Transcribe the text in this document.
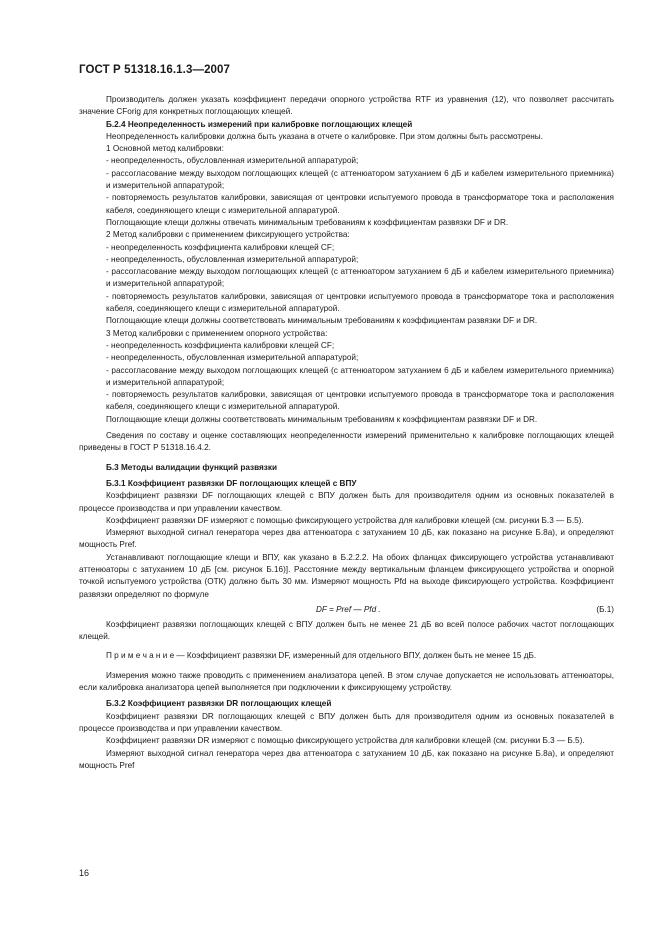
ГОСТ Р 51318.16.1.3—2007

Производитель должен указать коэффициент передачи опорного устройства RTF из уравнения (12), что позволяет рассчитать значение CForig для конкретных поглощающих клещей.

Б.2.4 Неопределенность измерений при калибровке поглощающих клещей

Неопределенность калибровки должна быть указана в отчете о калибровке. При этом должны быть рассмотрены.

1 Основной метод калибровки:

- неопределенность, обусловленная измерительной аппаратурой;

- рассогласование между выходом поглощающих клещей (с аттенюатором затуханием 6 дБ и кабелем измерительного приемника) и измерительной аппаратурой;

- повторяемость результатов калибровки, зависящая от центровки испытуемого провода в трансформаторе тока и расположения кабеля, соединяющего клещи с измерительной аппаратурой.

Поглощающие клещи должны отвечать минимальным требованиям к коэффициентам развязки DF и DR.

2 Метод калибровки с применением фиксирующего устройства:

- неопределенность коэффициента калибровки клещей CF;

- неопределенность, обусловленная измерительной аппаратурой;

- рассогласование между выходом поглощающих клещей (с аттенюатором затуханием 6 дБ и кабелем измерительного приемника) и измерительной аппаратурой;

- повторяемость результатов калибровки, зависящая от центровки испытуемого провода в трансформаторе тока и расположения кабеля, соединяющего клещи с измерительной аппаратурой.

Поглощающие клещи должны соответствовать минимальным требованиям к коэффициентам развязки DF и DR.

3 Метод калибровки с применением опорного устройства:

- неопределенность коэффициента калибровки клещей CF;

- неопределенность, обусловленная измерительной аппаратурой;

- рассогласование между выходом поглощающих клещей (с аттенюатором затуханием 6 дБ и кабелем измерительного приемника) и измерительной аппаратурой;

- повторяемость результатов калибровки, зависящая от центровки испытуемого провода в трансформаторе тока и расположения кабеля, соединяющего клещи с измерительной аппаратурой.

Поглощающие клещи должны соответствовать минимальным требованиям к коэффициентам развязки DF и DR.

Сведения по составу и оценке составляющих неопределенности измерений применительно к калибровке поглощающих клещей приведены в ГОСТ Р 51318.16.4.2.

Б.3 Методы валидации функций развязки

Б.3.1 Коэффициент развязки DF поглощающих клещей с ВПУ

Коэффициент развязки DF поглощающих клещей с ВПУ должен быть для производителя одним из основных показателей в процессе производства и при управлении качеством.

Коэффициент развязки DF измеряют с помощью фиксирующего устройства для калибровки клещей (см. рисунки Б.3 — Б.5).

Измеряют выходной сигнал генератора через два аттенюатора с затуханием 10 дБ, как показано на рисунке Б.8а), и определяют мощность Pref.

Устанавливают поглощающие клещи и ВПУ, как указано в Б.2.2.2. На обоих фланцах фиксирующего устройства устанавливают аттенюаторы с затуханием 10 дБ [см. рисунок Б.16)]. Расстояние между вертикальным фланцем фиксирующего устройства и опорной точкой испытуемого устройства (ОТК) должно быть 30 мм. Измеряют мощность Pfd на выходе фиксирующего устройства. Коэффициент развязки определяют по формуле

DF = Pref — Pfd .	(Б.1)

Коэффициент развязки поглощающих клещей с ВПУ должен быть не менее 21 дБ во всей полосе рабочих частот поглощающих клещей.

П р и м е ч а н и е — Коэффициент развязки DF, измеренный для отдельного ВПУ, должен быть не менее 15 дБ.

Измерения можно также проводить с применением анализатора цепей. В этом случае допускается не использовать аттенюаторы, если калибровка анализатора цепей выполняется при подключении к фиксирующему устройству.

Б.3.2 Коэффициент развязки DR поглощающих клещей

Коэффициент развязки DR поглощающих клещей с ВПУ должен быть для производителя одним из основных показателей в процессе производства и при управлении качеством.

Коэффициент развязки DR измеряют с помощью фиксирующего устройства для калибровки клещей (см. рисунки Б.3 — Б.5).

Измеряют выходной сигнал генератора через два аттенюатора с затуханием 10 дБ, как показано на рисунке Б.8а), и определяют мощность Pref

16
